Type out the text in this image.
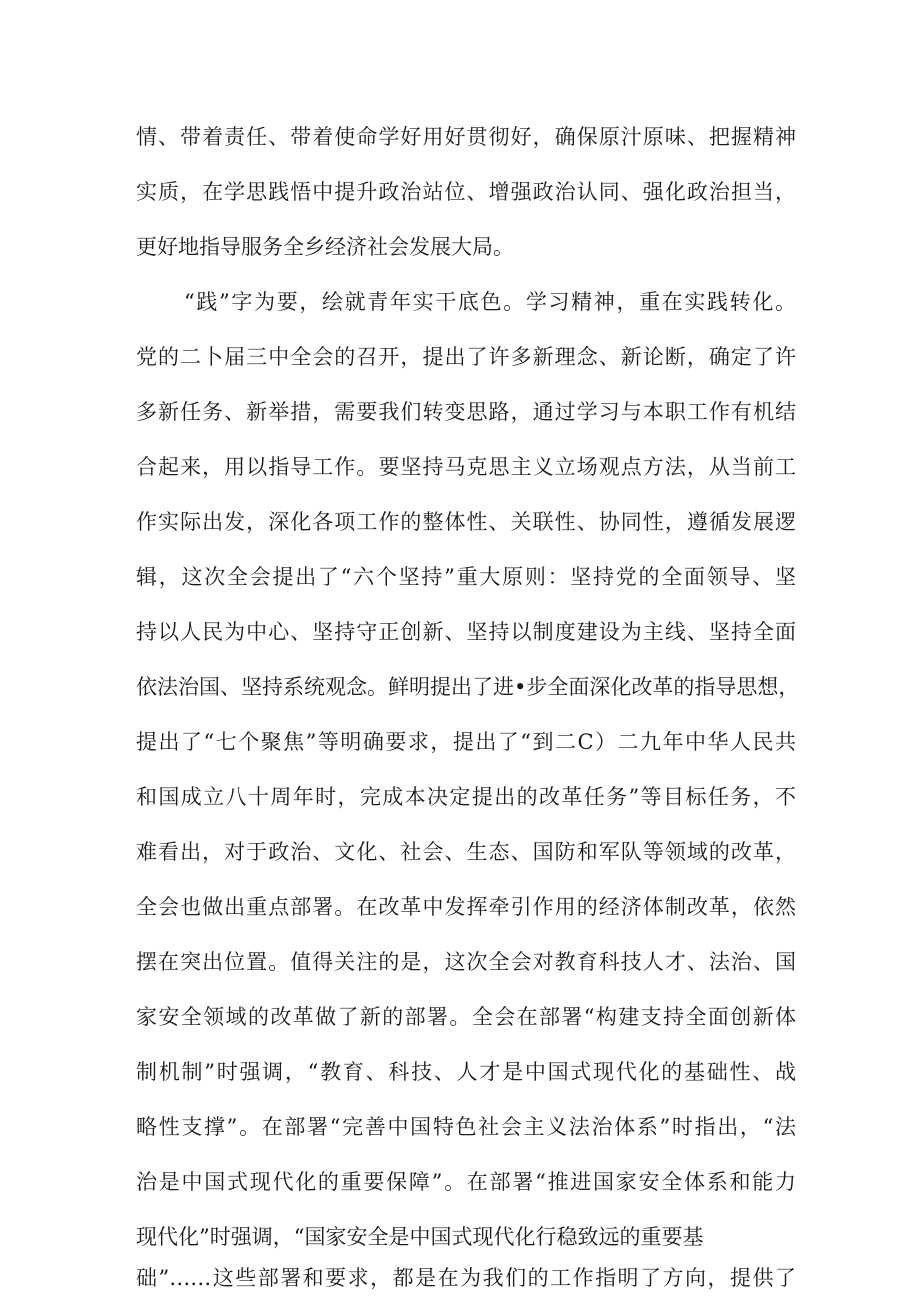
情、带着责任、带着使命学好用好贯彻好，确保原汁原味、把握精神
实质，在学思践悟中提升政治站位、增强政治认同、强化政治担当，
更好地指导服务全乡经济社会发展大局。
“践”字为要，绘就青年实干底色。学习精神，重在实践转化。
党的二卜届三中全会的召开，提出了许多新理念、新论断，确定了许
多新任务、新举措，需要我们转变思路，通过学习与本职工作有机结
合起来，用以指导工作。要坚持马克思主义立场观点方法，从当前工
作实际出发，深化各项工作的整体性、关联性、协同性，遵循发展逻
辑，这次全会提出了“六个坚持”重大原则：坚持党的全面领导、坚
持以人民为中心、坚持守正创新、坚持以制度建设为主线、坚持全面
依法治国、坚持系统观念。鲜明提出了进•步全面深化改革的指导思想，
提出了“七个聚焦”等明确要求，提出了“到二C）二九年中华人民共
和国成立八十周年时，完成本决定提出的改革任务”等目标任务，不
难看出，对于政治、文化、社会、生态、国防和军队等领域的改革，
全会也做出重点部署。在改革中发挥牵引作用的经济体制改革，依然
摆在突出位置。值得关注的是，这次全会对教育科技人才、法治、国
家安全领域的改革做了新的部署。全会在部署“构建支持全面创新体
制机制”时强调，“教育、科技、人才是中国式现代化的基础性、战
略性支撑”。在部署“完善中国特色社会主义法治体系”时指出，“法
治是中国式现代化的重要保障”。在部署“推进国家安全体系和能力
现代化”时强调，“国家安全是中国式现代化行稳致远的重要基
础”……这些部署和要求，都是在为我们的工作指明了方向，提供了
